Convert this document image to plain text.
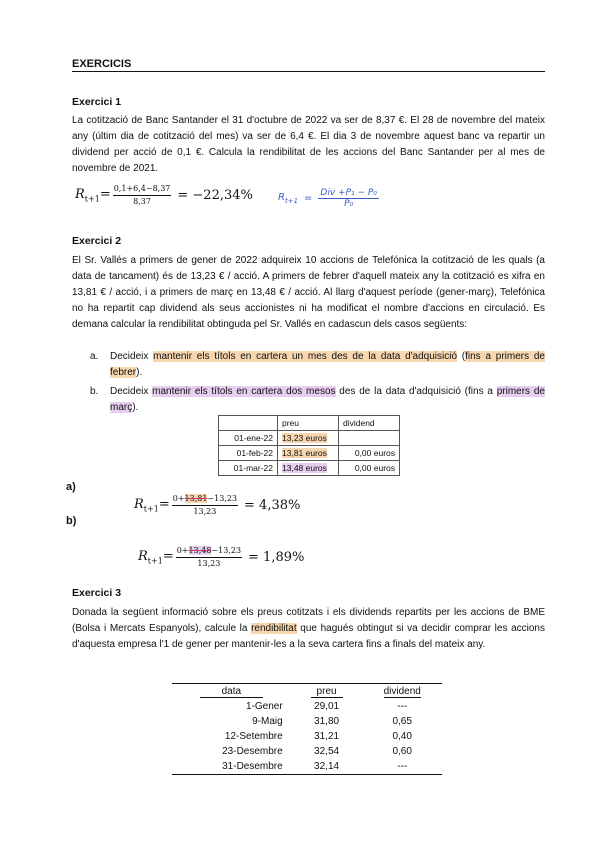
EXERCICIS
Exercici 1
La cotització de Banc Santander el 31 d'octubre de 2022 va ser de 8,37 €. El 28 de novembre del mateix any (últim dia de cotització del mes) va ser de 6,4 €. El dia 3 de novembre aquest banc va repartir un dividend per acció de 0,1 €. Calcula la rendibilitat de les accions del Banc Santander per al mes de novembre de 2021.
$R_{t+1}= \frac{0,1+6,4-8,37}{8,37} = -22,34\%$	$R_{t+1}$ = Div +P₁ − P₀
P₀
Exercici 2
El Sr. Vallés a primers de gener de 2022 adquireix 10 accions de Telefónica la cotització de les quals (a data de tancament) és de 13,23 € / acció. A primers de febrer d'aquell mateix any la cotització es xifra en 13,81 € / acció, i a primers de març en 13,48 € / acció. Al llarg d'aquest període (gener-març), Telefónica no ha repartit cap dividend als seus accionistes ni ha modificat el nombre d'accions en circulació. Es demana calcular la rendibilitat obtinguda pel Sr. Vallés en cadascun dels casos següents:
a.	Decideix mantenir els títols en cartera un mes des de la data d'adquisició (fins a primers de febrer).
b.	Decideix mantenir els títols en cartera dos mesos des de la data d'adquisició (fins a primers de març).
	preu	dividend
01-ene-22	13,23 euros	
01-feb-22	13,81 euros	0,00 euros
01-mar-22	13,48 euros	0,00 euros
a)
b)
$R_{t+1}= \frac{0+13,81-13,23}{13,23} = 4,38\%$
$R_{t+1}= \frac{0+13,48-13,23}{13,23} = 1,89\%$
Exercici 3
Donada la següent informació sobre els preus cotitzats i els dividends repartits per les accions de BME (Bolsa i Mercats Espanyols), calcule la rendibilitat que hagués obtingut si va decidir comprar les accions d'aquesta empresa l'1 de gener per mantenir-les a la seva cartera fins a finals del mateix any.
data	preu	dividend
1-Gener	29,01	---
9-Maig	31,80	0,65
12-Setembre	31,21	0,40
23-Desembre	32,54	0,60
31-Desembre	32,14	---
